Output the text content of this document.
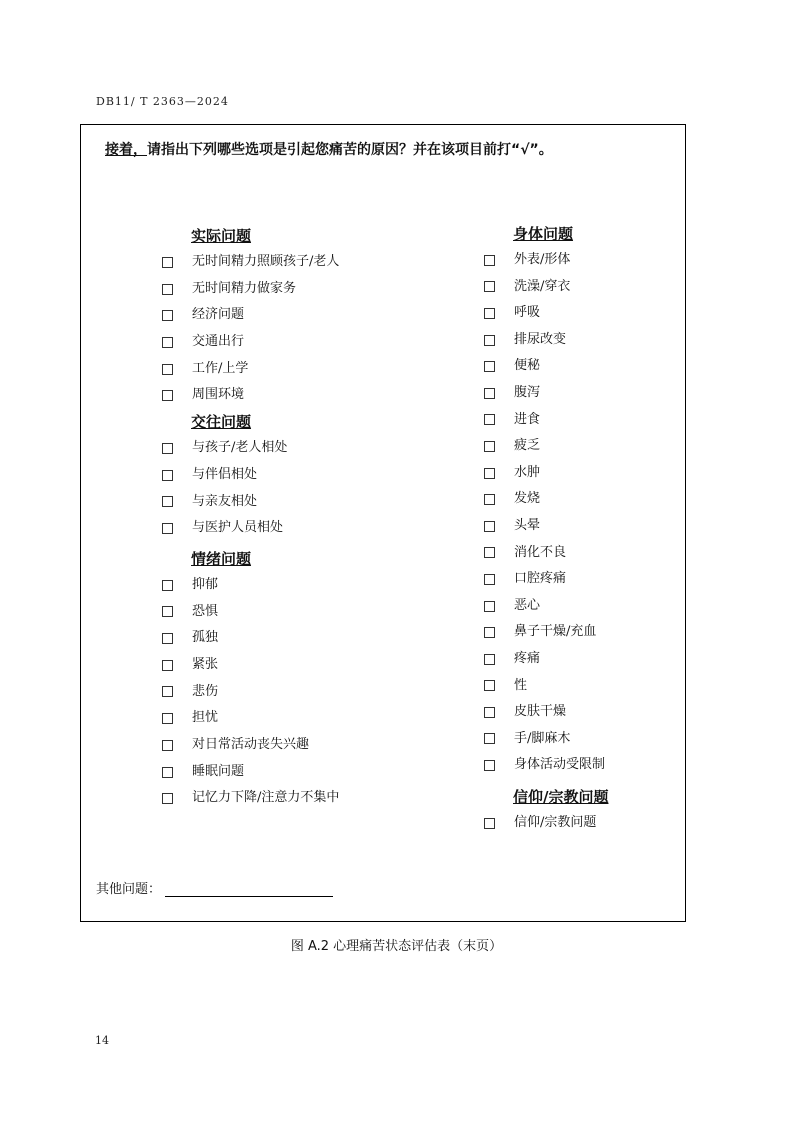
DB11/ T 2363—2024
接着，请指出下列哪些选项是引起您痛苦的原因？并在该项目前打“√”。
实际问题
无时间精力照顾孩子/老人
无时间精力做家务
经济问题
交通出行
工作/上学
周围环境
交往问题
与孩子/老人相处
与伴侣相处
与亲友相处
与医护人员相处
情绪问题
抑郁
恐惧
孤独
紧张
悲伤
担忧
对日常活动丧失兴趣
睡眠问题
记忆力下降/注意力不集中
身体问题
外表/形体
洗澡/穿衣
呼吸
排尿改变
便秘
腹泻
进食
疲乏
水肿
发烧
头晕
消化不良
口腔疼痛
恶心
鼻子干燥/充血
疼痛
性
皮肤干燥
手/脚麻木
身体活动受限制
信仰/宗教问题
信仰/宗教问题
其他问题：
图 A.2 心理痛苦状态评估表（末页）
14
